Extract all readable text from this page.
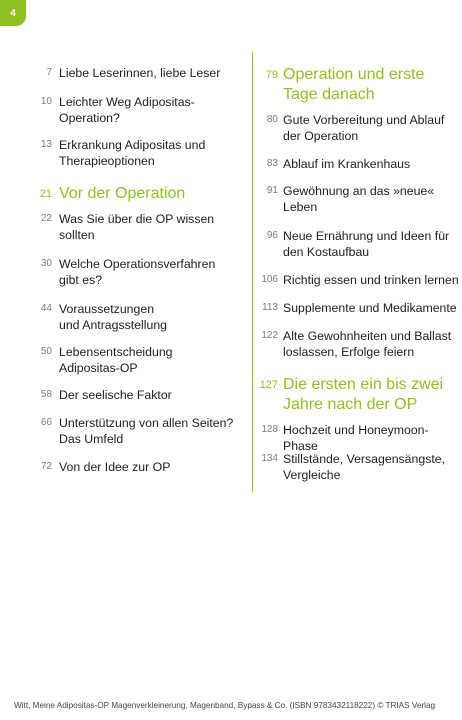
4
7 Liebe Leserinnen, liebe Leser
10 Leichter Weg Adipositas-
Operation?
13 Erkrankung Adipositas und
Therapieoptionen
21 Vor der Operation
22 Was Sie über die OP wissen
sollten
30 Welche Operationsverfahren
gibt es?
44 Voraussetzungen
und Antragsstellung
50 Lebensentscheidung
Adipositas-OP
58 Der seelische Faktor
66 Unterstützung von allen Seiten?
Das Umfeld
72 Von der Idee zur OP
79 Operation und erste
Tage danach
80 Gute Vorbereitung und Ablauf
der Operation
83 Ablauf im Krankenhaus
91 Gewöhnung an das »neue«
Leben
96 Neue Ernährung und Ideen für
den Kostaufbau
106 Richtig essen und trinken lernen
113 Supplemente und Medikamente
122 Alte Gewohnheiten und Ballast
loslassen, Erfolge feiern
127 Die ersten ein bis zwei
Jahre nach der OP
128 Hochzeit und Honeymoon-Phase
134 Stillstände, Versagensängste,
Vergleiche
Witt, Meine Adipositas-OP Magenverkleinerung, Magenband, Bypass & Co. (ISBN 9783432118222) © TRIAS Verlag
